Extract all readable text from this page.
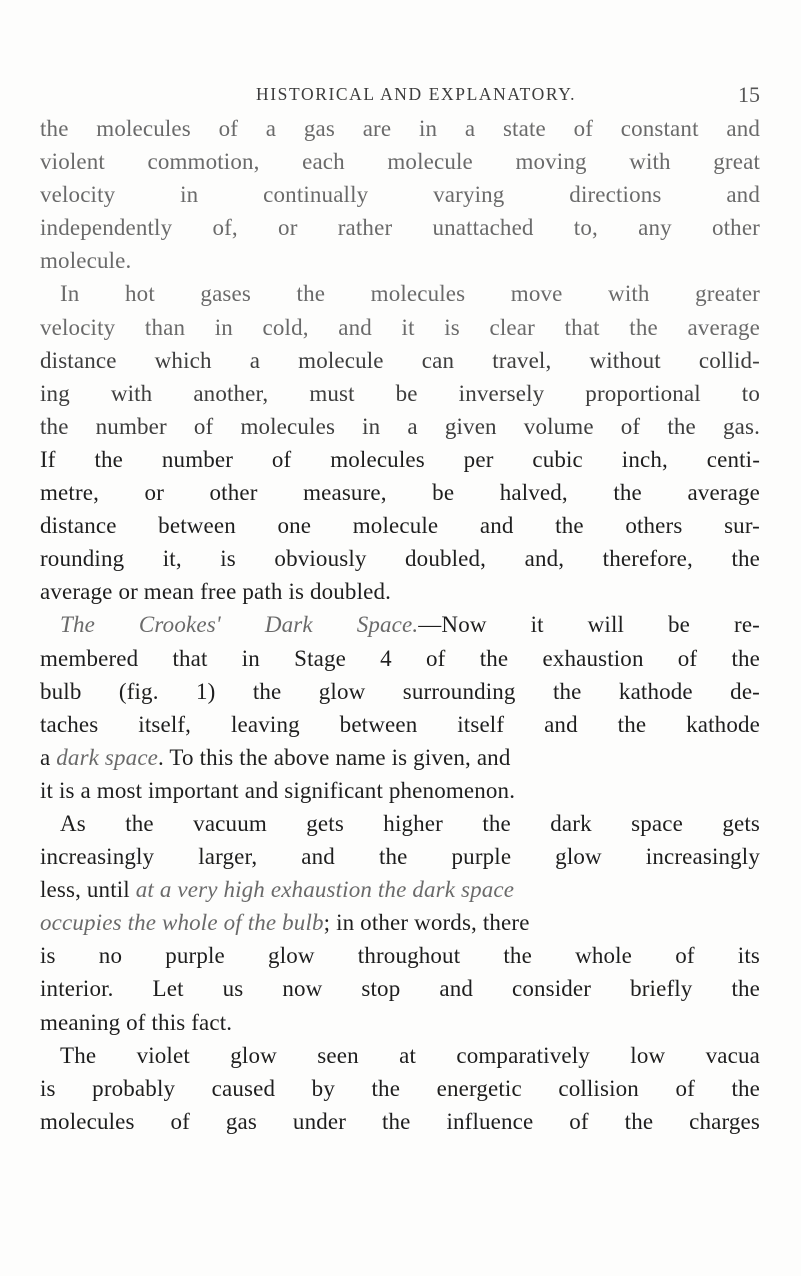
HISTORICAL AND EXPLANATORY.	15
the molecules of a gas are in a state of constant and
violent commotion, each molecule moving with great
velocity in continually varying directions and
independently of, or rather unattached to, any other
molecule.
In hot gases the molecules move with greater
velocity than in cold, and it is clear that the average
distance which a molecule can travel, without collid-
ing with another, must be inversely proportional to
the number of molecules in a given volume of the gas.
If the number of molecules per cubic inch, centi-
metre, or other measure, be halved, the average
distance between one molecule and the others sur-
rounding it, is obviously doubled, and, therefore, the
average or mean free path is doubled.
The Crookes' Dark Space.—Now it will be re-
membered that in Stage 4 of the exhaustion of the
bulb (fig. 1) the glow surrounding the kathode de-
taches itself, leaving between itself and the kathode
a dark space. To this the above name is given, and
it is a most important and significant phenomenon.
As the vacuum gets higher the dark space gets
increasingly larger, and the purple glow increasingly
less, until at a very high exhaustion the dark space
occupies the whole of the bulb; in other words, there
is no purple glow throughout the whole of its
interior. Let us now stop and consider briefly the
meaning of this fact.
The violet glow seen at comparatively low vacua
is probably caused by the energetic collision of the
molecules of gas under the influence of the charges
